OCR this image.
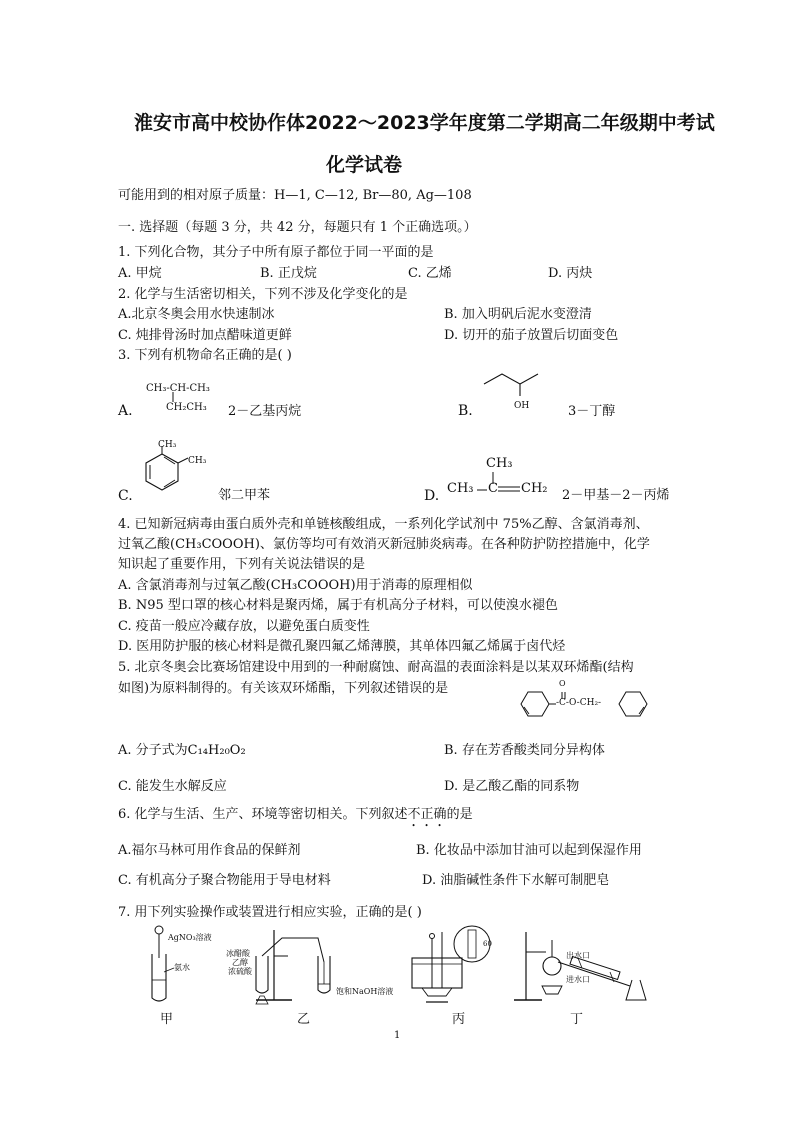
淮安市高中校协作体2022～2023学年度第二学期高二年级期中考试
化学试卷
可能用到的相对原子质量：H—1, C—12, Br—80, Ag—108
一. 选择题（每题 3 分，共 42 分，每题只有 1 个正确选项。）
1. 下列化合物，其分子中所有原子都位于同一平面的是
A. 甲烷	B. 正戊烷	C. 乙烯	D. 丙炔
2. 化学与生活密切相关，下列不涉及化学变化的是
A.北京冬奥会用水快速制冰	B. 加入明矾后泥水变澄清
C. 炖排骨汤时加点醋味道更鲜	D. 切开的茄子放置后切面变色
3. 下列有机物命名正确的是( )
A.
CH₃-CH-CH₃
CH₂CH₃ 2－乙基丙烷	B.	OH	3－丁醇
C.
CH₃
CH₃
邻二甲苯	D.
CH₃
CH₃ C CH₂ 2－甲基－2－丙烯
4. 已知新冠病毒由蛋白质外壳和单链核酸组成，一系列化学试剂中 75%乙醇、含氯消毒剂、
过氧乙酸(CH₃COOOH)、氯仿等均可有效消灭新冠肺炎病毒。在各种防护防控措施中，化学
知识起了重要作用，下列有关说法错误的是
A. 含氯消毒剂与过氧乙酸(CH₃COOOH)用于消毒的原理相似
B. N95 型口罩的核心材料是聚丙烯，属于有机高分子材料，可以使溴水褪色
C. 疫苗一般应冷藏存放，以避免蛋白质变性
D. 医用防护服的核心材料是微孔聚四氟乙烯薄膜，其单体四氟乙烯属于卤代烃
5. 北京冬奥会比赛场馆建设中用到的一种耐腐蚀、耐高温的表面涂料是以某双环烯酯(结构
如图)为原料制得的。有关该双环烯酯，下列叙述错误的是	O
-C-O-CH₂-
A. 分子式为C₁₄H₂₀O₂	B. 存在芳香酸类同分异构体
C. 能发生水解反应	D. 是乙酸乙酯的同系物
6. 化学与生活、生产、环境等密切相关。下列叙述不正确的是
A.福尔马林可用作食品的保鲜剂	B. 化妆品中添加甘油可以起到保湿作用
C. 有机高分子聚合物能用于导电材料	D. 油脂碱性条件下水解可制肥皂
7. 用下列实验操作或装置进行相应实验，正确的是( )
AgNO₃溶液
氨水
冰醋酸
乙醇
浓硫酸
饱和NaOH溶液
60
出水口
进水口
甲	乙	丙	丁
1
